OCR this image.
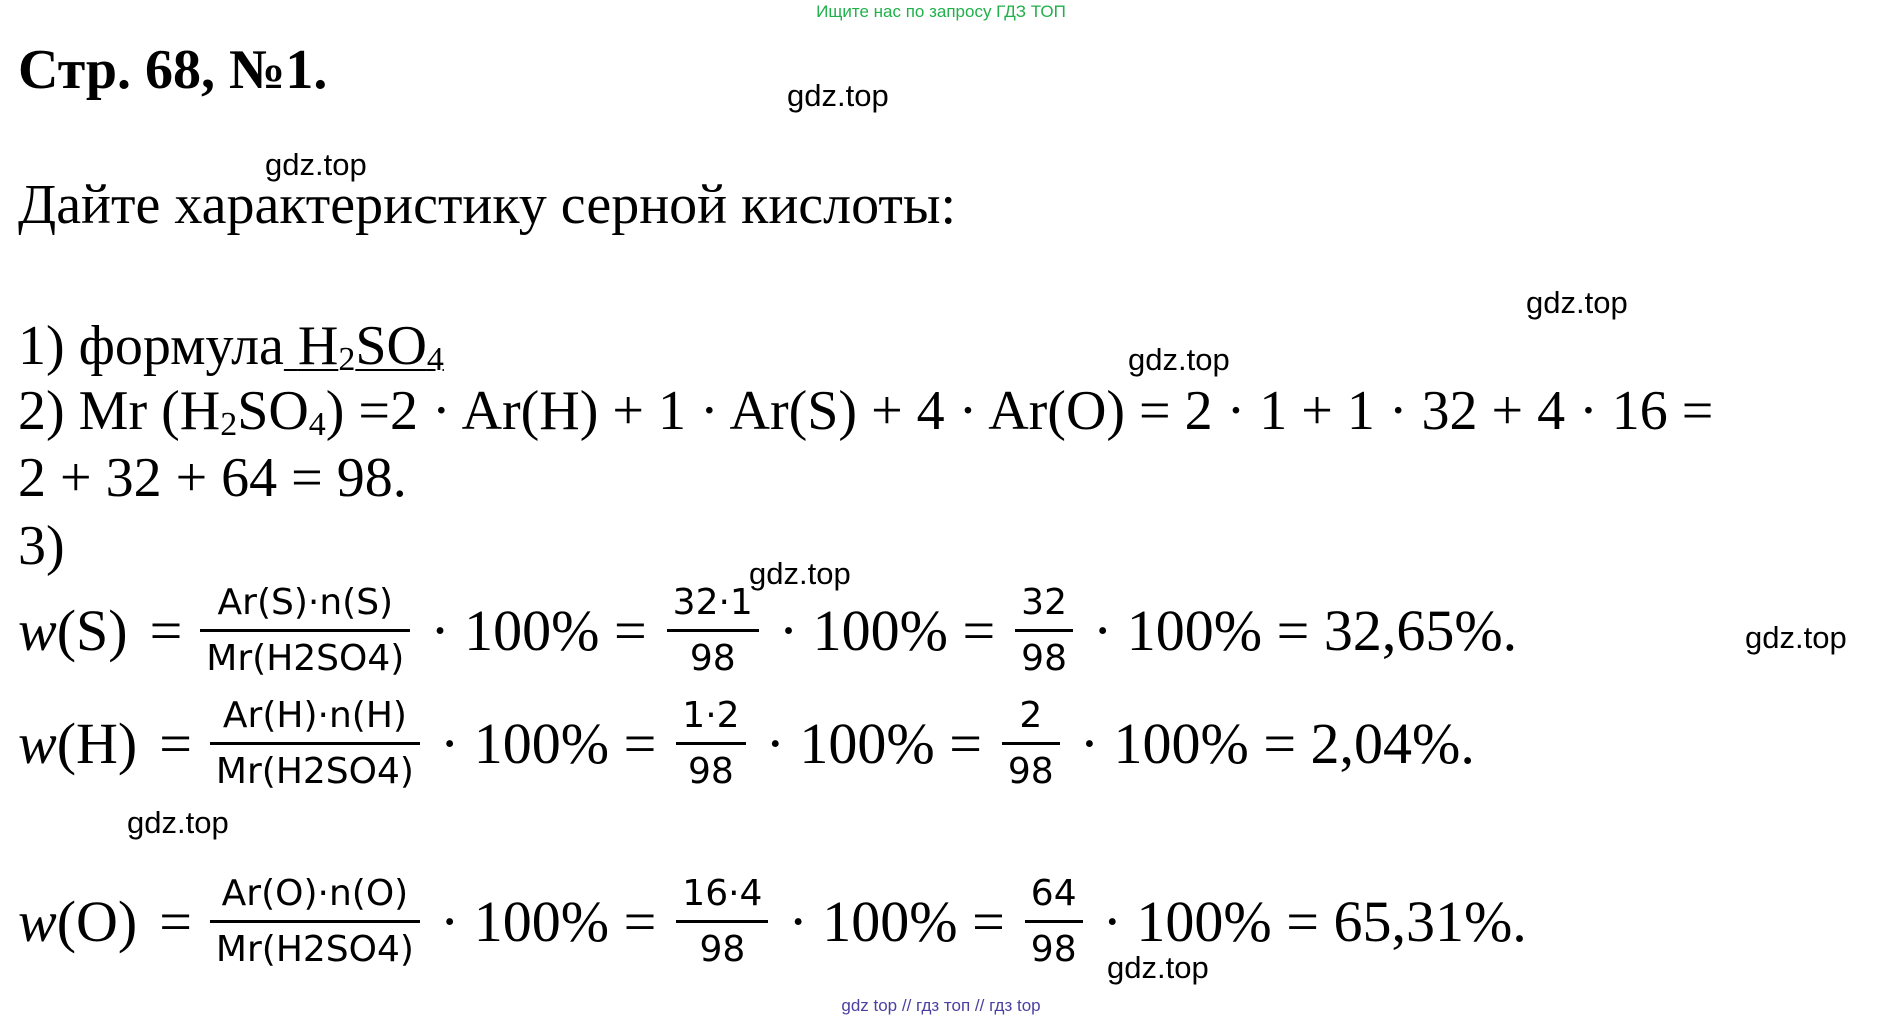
Ищите нас по запросу ГДЗ ТОП
Стр. 68, №1.	gdz.top
gdz.top
gdz.top
gdz.top
gdz.top
gdz.top
gdz.top
gdz.top
Дайте характеристику серной кислоты:
1) формула $H_2SO_4$
2) Mr $(H_2SO_4) =2 \cdot Ar(H) + 1 \cdot Ar(S) + 4 \cdot Ar(O) = 2 \cdot 1 + 1 \cdot 32 + 4 \cdot 16$ =
2 + 32 + 64 = 98.
3)
$w(S) = \frac{Ar(S)\cdot n(S)}{Mr(H2SO4)} \cdot 100\% = \frac{32\cdot 1}{98} \cdot 100\% = \frac{32}{98} \cdot 100\% = 32,65\%$.
$w(H) = \frac{Ar(H)\cdot n(H)}{Mr(H2SO4)} \cdot 100\% = \frac{1\cdot 2}{98} \cdot 100\% = \frac{2}{98} \cdot 100\% = 2,04\%$.
$w(O) = \frac{Ar(O)\cdot n(O)}{Mr(H2SO4)} \cdot 100\% = \frac{16\cdot 4}{98} \cdot 100\% = \frac{64}{98} \cdot 100\% = 65,31\%$.
gdz top // гдз топ // гдз top
